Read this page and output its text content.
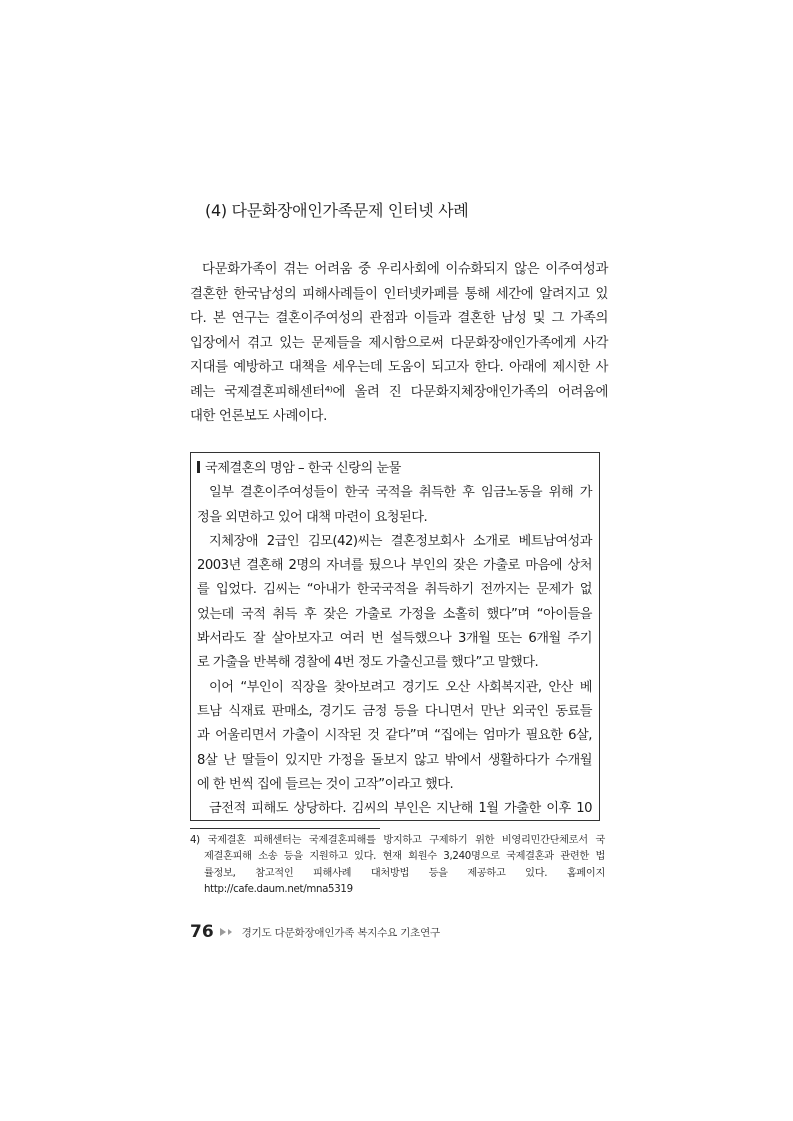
(4) 다문화장애인가족문제 인터넷 사례
다문화가족이 겪는 어려움 중 우리사회에 이슈화되지 않은 이주여성과
결혼한 한국남성의 피해사례들이 인터넷카페를 통해 세간에 알려지고 있
다. 본 연구는 결혼이주여성의 관점과 이들과 결혼한 남성 및 그 가족의
입장에서 겪고 있는 문제들을 제시함으로써 다문화장애인가족에게 사각
지대를 예방하고 대책을 세우는데 도움이 되고자 한다. 아래에 제시한 사
례는 국제결혼피해센터⁴⁾에 올려 진 다문화지체장애인가족의 어려움에
대한 언론보도 사례이다.
국제결혼의 명암 – 한국 신랑의 눈물
일부 결혼이주여성들이 한국 국적을 취득한 후 임금노동을 위해 가
정을 외면하고 있어 대책 마련이 요청된다.
지체장애 2급인 김모(42)씨는 결혼정보회사 소개로 베트남여성과
2003년 결혼해 2명의 자녀를 뒀으나 부인의 잦은 가출로 마음에 상처
를 입었다. 김씨는 “아내가 한국국적을 취득하기 전까지는 문제가 없
었는데 국적 취득 후 잦은 가출로 가정을 소홀히 했다”며 “아이들을
봐서라도 잘 살아보자고 여러 번 설득했으나 3개월 또는 6개월 주기
로 가출을 반복해 경찰에 4번 정도 가출신고를 했다”고 말했다.
이어 “부인이 직장을 찾아보려고 경기도 오산 사회복지관, 안산 베
트남 식재료 판매소, 경기도 금정 등을 다니면서 만난 외국인 동료들
과 어울리면서 가출이 시작된 것 같다”며 “집에는 엄마가 필요한 6살,
8살 난 딸들이 있지만 가정을 돌보지 않고 밖에서 생활하다가 수개월
에 한 번씩 집에 들르는 것이 고작”이라고 했다.
금전적 피해도 상당하다. 김씨의 부인은 지난해 1월 가출한 이후 10
4) 국제결혼 피해센터는 국제결혼피해를 방지하고 구제하기 위한 비영리민간단체로서 국
제결혼피해 소송 등을 지원하고 있다. 현재 회원수 3,240명으로 국제결혼과 관련한 법
률정보, 참고적인 피해사례 대처방법 등을 제공하고 있다. 홈페이지
http://cafe.daum.net/mna5319
76	경기도 다문화장애인가족 복지수요 기초연구
